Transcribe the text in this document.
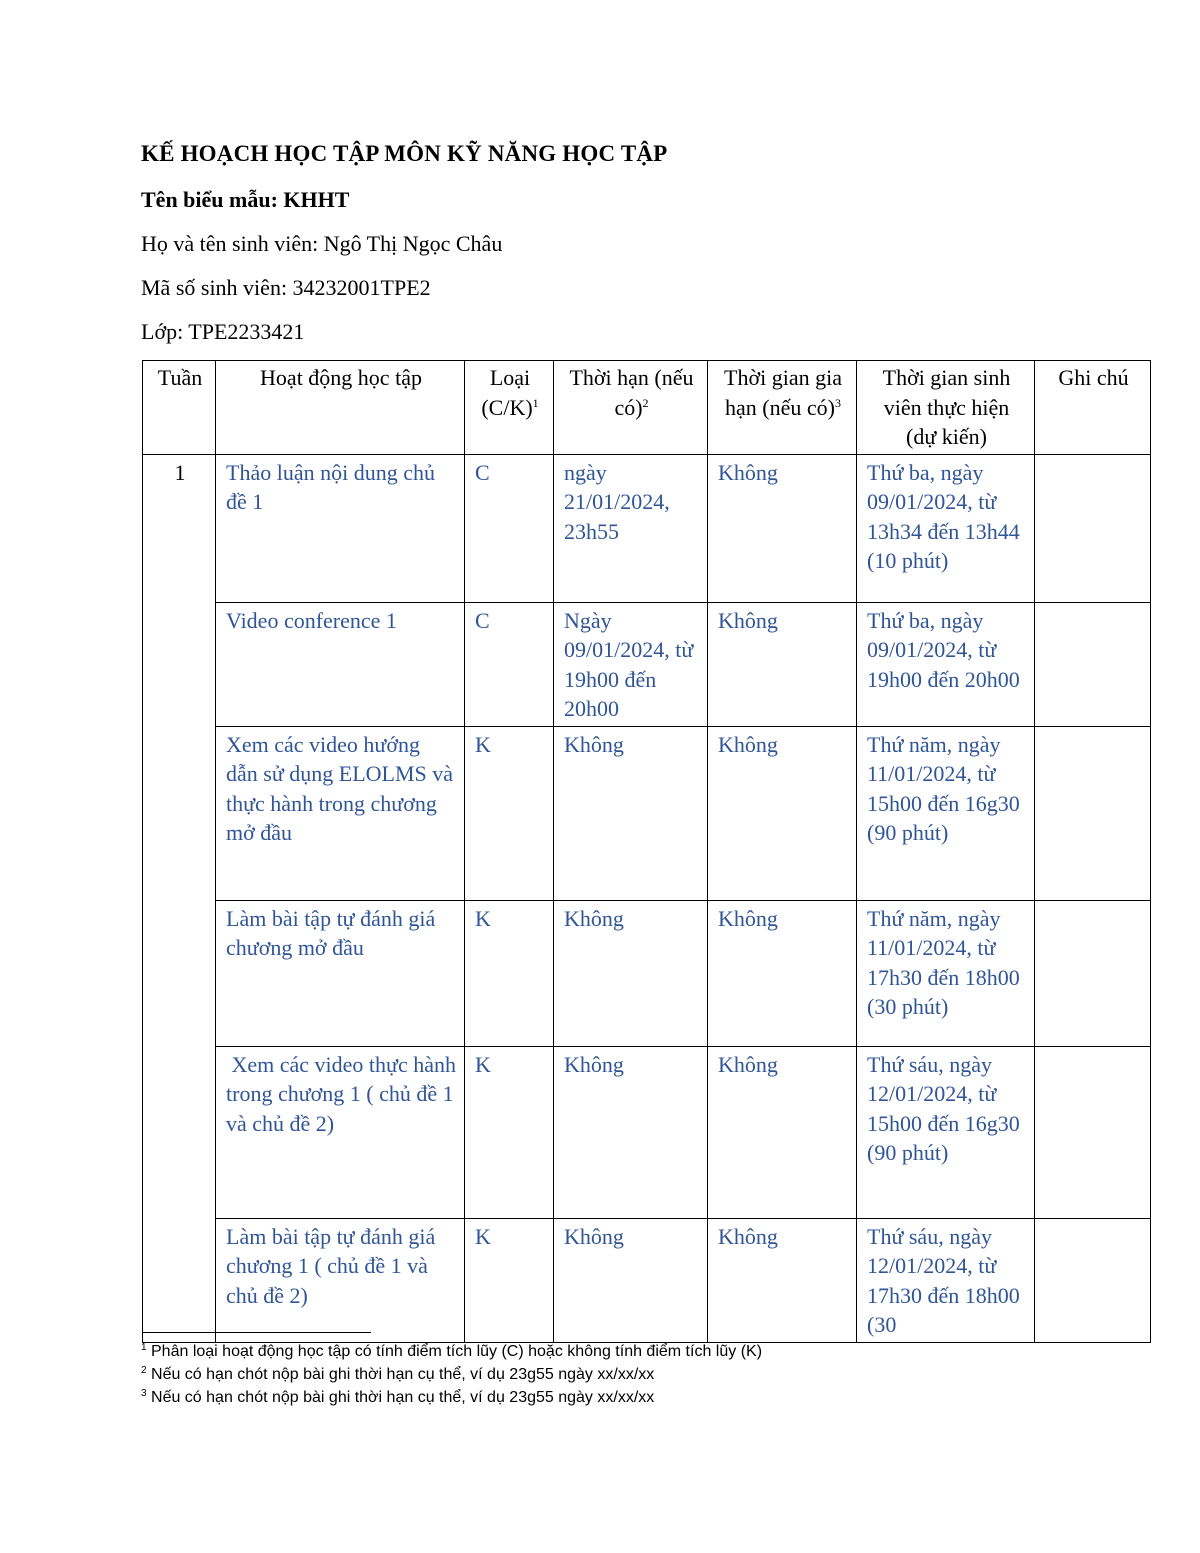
KẾ HOẠCH HỌC TẬP MÔN KỸ NĂNG HỌC TẬP

Tên biểu mẫu: KHHT

Họ và tên sinh viên: Ngô Thị Ngọc Châu

Mã số sinh viên: 34232001TPE2

Lớp: TPE2233421

Tuần	Hoạt động học tập	Loại $(C/K)^1$	Thời hạn (nếu có)$^2$	Thời gian gia hạn (nếu có)$^3$	Thời gian sinh viên thực hiện (dự kiến)	Ghi chú
1	Thảo luận nội dung chủ đề 1	C	ngày 21/01/2024, 23h55	Không	Thứ ba, ngày 09/01/2024, từ 13h34 đến 13h44 (10 phút)	
	Video conference 1	C	Ngày 09/01/2024, từ 19h00 đến 20h00	Không	Thứ ba, ngày 09/01/2024, từ 19h00 đến 20h00	
	Xem các video hướng dẫn sử dụng ELOLMS và thực hành trong chương mở đầu	K	Không	Không	Thứ năm, ngày 11/01/2024, từ 15h00 đến 16g30 (90 phút)	
	Làm bài tập tự đánh giá chương mở đầu	K	Không	Không	Thứ năm, ngày 11/01/2024, từ 17h30 đến 18h00 (30 phút)	
	Xem các video thực hành trong chương 1 ( chủ đề 1 và chủ đề 2)	K	Không	Không	Thứ sáu, ngày 12/01/2024, từ 15h00 đến 16g30 (90 phút)	
	Làm bài tập tự đánh giá chương 1 ( chủ đề 1 và chủ đề 2)	K	Không	Không	Thứ sáu, ngày 12/01/2024, từ 17h30 đến 18h00 (30	

$^1$ Phân loại hoạt động học tập có tính điểm tích lũy (C) hoặc không tính điểm tích lũy (K)

$^2$ Nếu có hạn chót nộp bài ghi thời hạn cụ thể, ví dụ 23g55 ngày xx/xx/xx

$^3$ Nếu có hạn chót nộp bài ghi thời hạn cụ thể, ví dụ 23g55 ngày xx/xx/xx
